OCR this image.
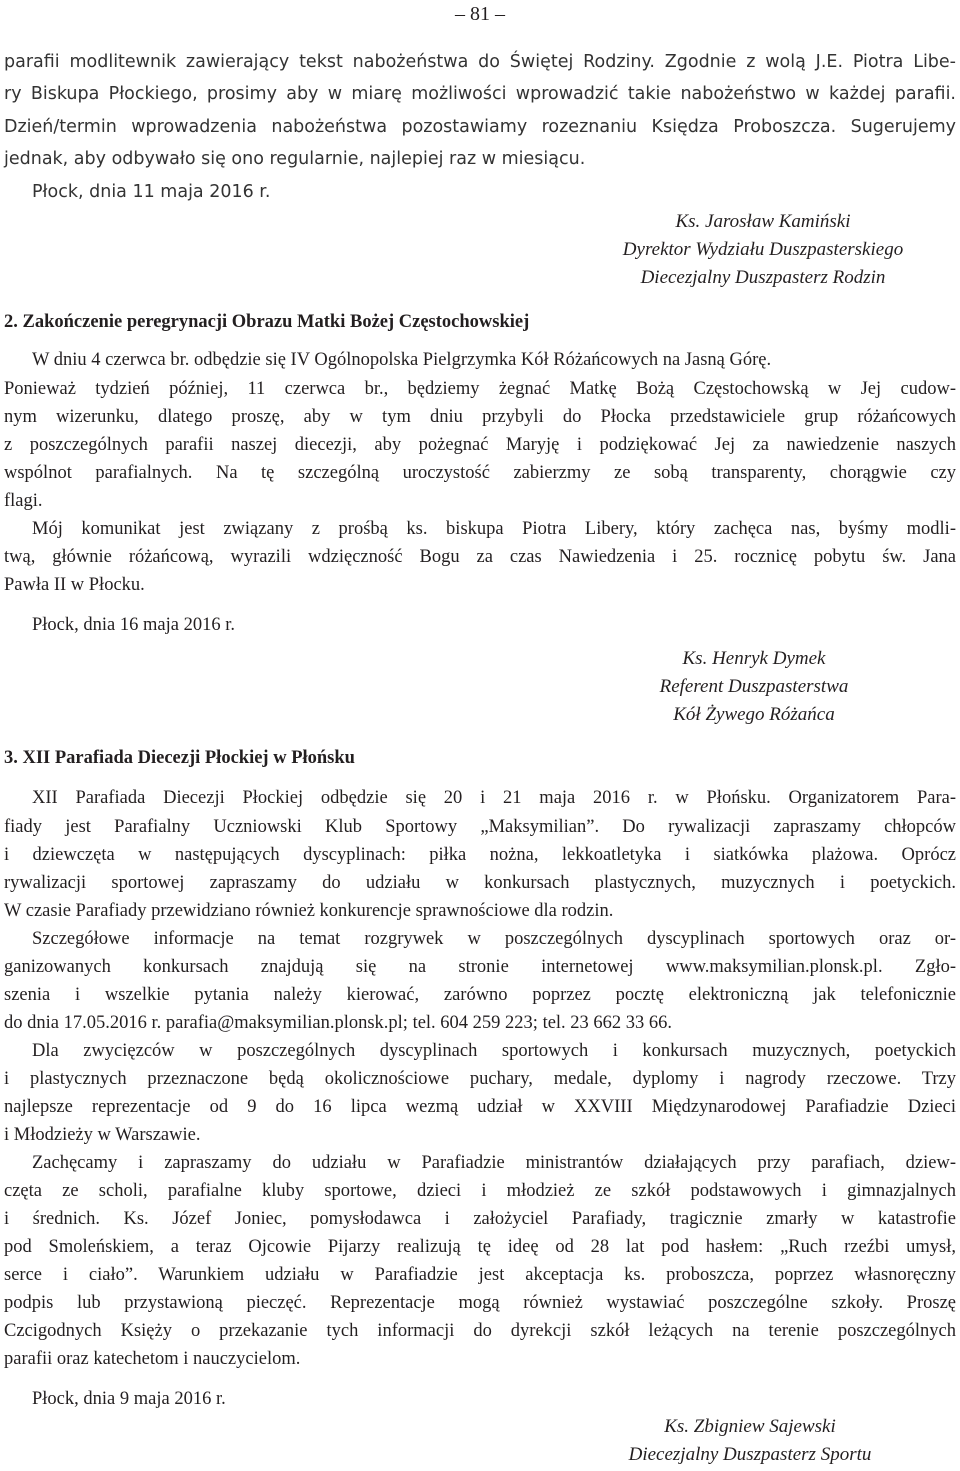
– 81 –

parafii modlitewnik zawierający tekst nabożeństwa do Świętej Rodziny. Zgodnie z wolą J.E. Piotra Libe-

ry Biskupa Płockiego, prosimy aby w miarę możliwości wprowadzić takie nabożeństwo w każdej parafii.

Dzień/termin wprowadzenia nabożeństwa pozostawiamy rozeznaniu Księdza Proboszcza. Sugerujemy

jednak, aby odbywało się ono regularnie, najlepiej raz w miesiącu.

Płock, dnia 11 maja 2016 r.

Ks. Jarosław Kamiński
Dyrektor Wydziału Duszpasterskiego
Diecezjalny Duszpasterz Rodzin

2. Zakończenie peregrynacji Obrazu Matki Bożej Częstochowskiej

W dniu 4 czerwca br. odbędzie się IV Ogólnopolska Pielgrzymka Kół Różańcowych na Jasną Górę.

Ponieważ tydzień później, 11 czerwca br., będziemy żegnać Matkę Bożą Częstochowską w Jej cudow-

nym wizerunku, dlatego proszę, aby w tym dniu przybyli do Płocka przedstawiciele grup różańcowych

z poszczególnych parafii naszej diecezji, aby pożegnać Maryję i podziękować Jej za nawiedzenie naszych

wspólnot parafialnych. Na tę szczególną uroczystość zabierzmy ze sobą transparenty, chorągwie czy

flagi.

Mój komunikat jest związany z prośbą ks. biskupa Piotra Libery, który zachęca nas, byśmy modli-

twą, głównie różańcową, wyrazili wdzięczność Bogu za czas Nawiedzenia i 25. rocznicę pobytu św. Jana

Pawła II w Płocku.

Płock, dnia 16 maja 2016 r.

Ks. Henryk Dymek
Referent Duszpasterstwa
Kół Żywego Różańca

3. XII Parafiada Diecezji Płockiej w Płońsku

XII Parafiada Diecezji Płockiej odbędzie się 20 i 21 maja 2016 r. w Płońsku. Organizatorem Para-

fiady jest Parafialny Uczniowski Klub Sportowy „Maksymilian”. Do rywalizacji zapraszamy chłopców

i dziewczęta w następujących dyscyplinach: piłka nożna, lekkoatletyka i siatkówka plażowa. Oprócz

rywalizacji sportowej zapraszamy do udziału w konkursach plastycznych, muzycznych i poetyckich.

W czasie Parafiady przewidziano również konkurencje sprawnościowe dla rodzin.

Szczegółowe informacje na temat rozgrywek w poszczególnych dyscyplinach sportowych oraz or-

ganizowanych konkursach znajdują się na stronie internetowej www.maksymilian.plonsk.pl. Zgło-

szenia i wszelkie pytania należy kierować, zarówno poprzez pocztę elektroniczną jak telefonicznie

do dnia 17.05.2016 r. parafia@maksymilian.plonsk.pl; tel. 604 259 223; tel. 23 662 33 66.

Dla zwycięzców w poszczególnych dyscyplinach sportowych i konkursach muzycznych, poetyckich

i plastycznych przeznaczone będą okolicznościowe puchary, medale, dyplomy i nagrody rzeczowe. Trzy

najlepsze reprezentacje od 9 do 16 lipca wezmą udział w XXVIII Międzynarodowej Parafiadzie Dzieci

i Młodzieży w Warszawie.

Zachęcamy i zapraszamy do udziału w Parafiadzie ministrantów działających przy parafiach, dziew-

częta ze scholi, parafialne kluby sportowe, dzieci i młodzież ze szkół podstawowych i gimnazjalnych

i średnich. Ks. Józef Joniec, pomysłodawca i założyciel Parafiady, tragicznie zmarły w katastrofie

pod Smoleńskiem, a teraz Ojcowie Pijarzy realizują tę ideę od 28 lat pod hasłem: „Ruch rzeźbi umysł,

serce i ciało”. Warunkiem udziału w Parafiadzie jest akceptacja ks. proboszcza, poprzez własnoręczny

podpis lub przystawioną pieczęć. Reprezentacje mogą również wystawiać poszczególne szkoły. Proszę

Czcigodnych Księży o przekazanie tych informacji do dyrekcji szkół leżących na terenie poszczególnych

parafii oraz katechetom i nauczycielom.

Płock, dnia 9 maja 2016 r.

Ks. Zbigniew Sajewski
Diecezjalny Duszpasterz Sportu
